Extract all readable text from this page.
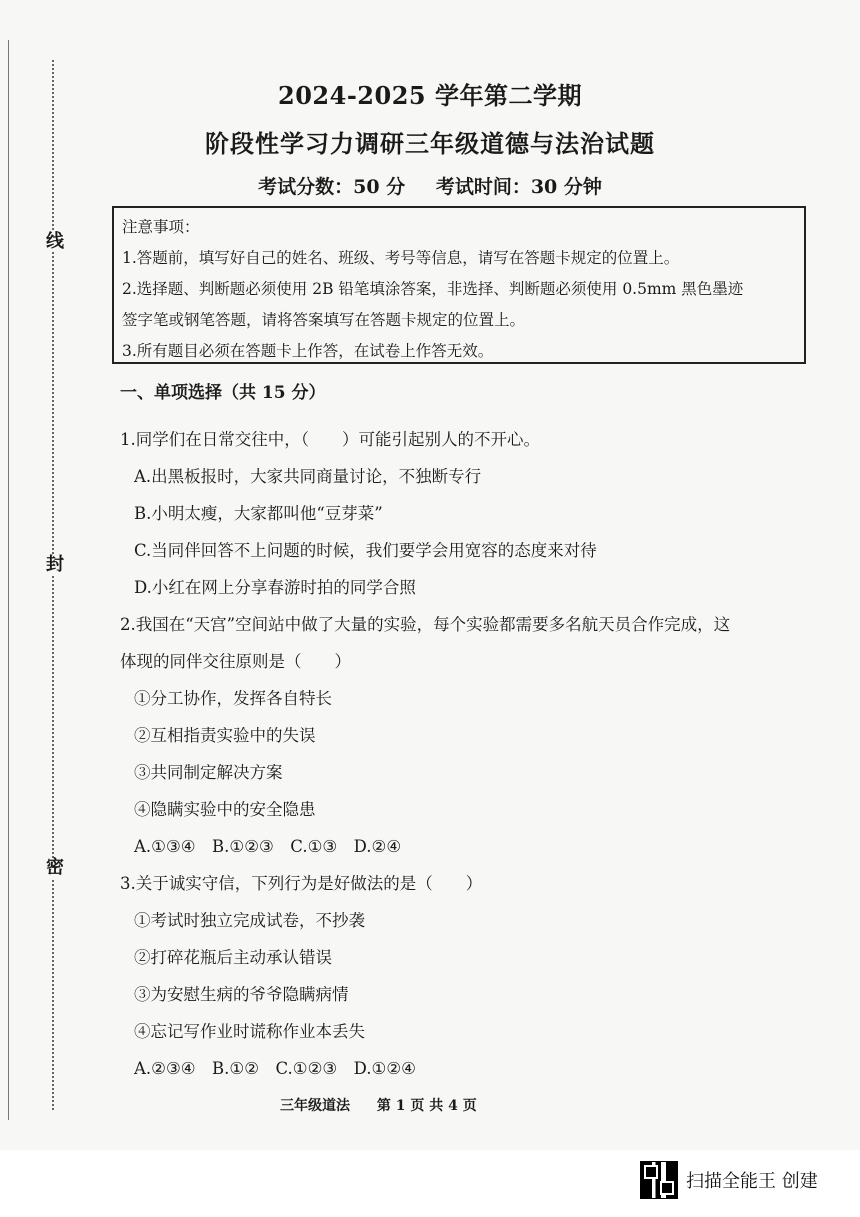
线
封
密
2024-2025 学年第二学期
阶段性学习力调研三年级道德与法治试题
考试分数：50 分 考试时间：30 分钟
注意事项：
1.答题前，填写好自己的姓名、班级、考号等信息，请写在答题卡规定的位置上。
2.选择题、判断题必须使用 2B 铅笔填涂答案，非选择、判断题必须使用 0.5mm 黑色墨迹
签字笔或钢笔答题，请将答案填写在答题卡规定的位置上。
3.所有题目必须在答题卡上作答，在试卷上作答无效。
一、单项选择（共 15 分）
1.同学们在日常交往中，（　　）可能引起别人的不开心。
A.出黑板报时，大家共同商量讨论，不独断专行
B.小明太瘦，大家都叫他“豆芽菜”
C.当同伴回答不上问题的时候，我们要学会用宽容的态度来对待
D.小红在网上分享春游时拍的同学合照
2.我国在“天宫”空间站中做了大量的实验，每个实验都需要多名航天员合作完成，这
体现的同伴交往原则是（　　）
①分工协作，发挥各自特长
②互相指责实验中的失误
③共同制定解决方案
④隐瞒实验中的安全隐患
A.①③④　B.①②③　C.①③　D.②④
3.关于诚实守信，下列行为是好做法的是（　　）
①考试时独立完成试卷，不抄袭
②打碎花瓶后主动承认错误
③为安慰生病的爷爷隐瞒病情
④忘记写作业时谎称作业本丢失
A.②③④　B.①②　C.①②③　D.①②④
三年级道法 第 1 页 共 4 页
扫描全能王 创建
